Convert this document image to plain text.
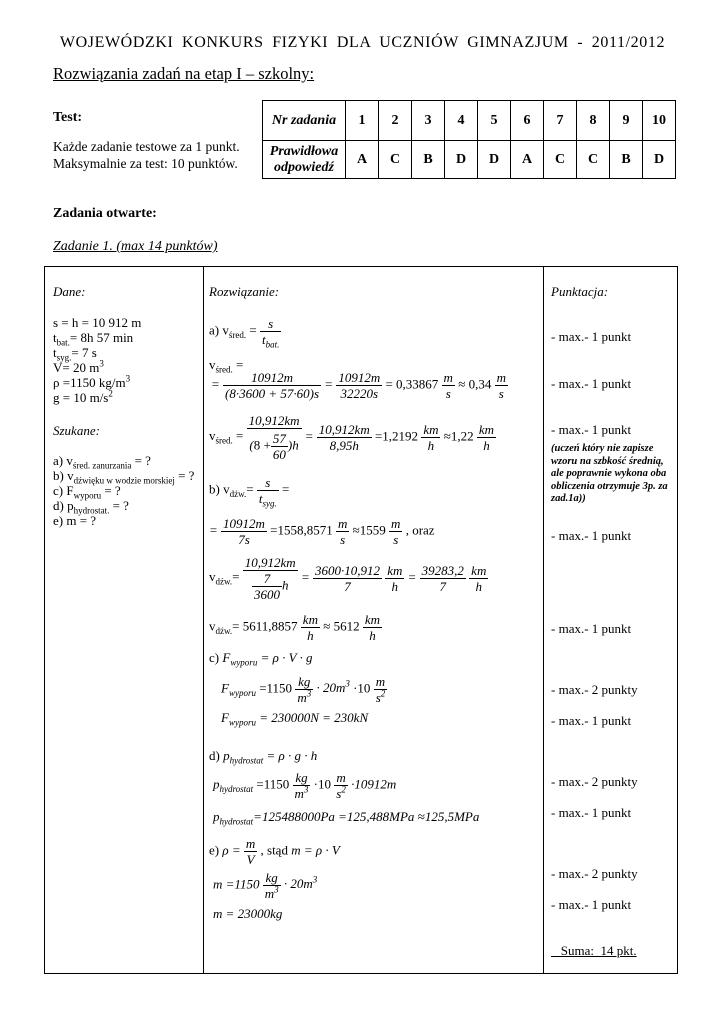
WOJEWÓDZKI KONKURS FIZYKI DLA UCZNIÓW GIMNAZJUM - 2011/2012
Rozwiązania zadań na etap I – szkolny:
Test:
Każde zadanie testowe za 1 punkt.
Maksymalnie za test: 10 punktów.
Nr zadania	1	2	3	4	5	6	7	8	9	10

Prawidłowa
odpowiedź	A	C	B	D	D	A	C	C	B	D
Zadania otwarte:
Zadanie 1. (max 14 punktów)
Dane:
s = h = 10 912 m
$t_{bat.}= 8h$ 57 min
$t_{syg.}= 7$ s
V= 20 $m^3$
ρ =1150 $kg/m^3$
g = 10 $m/s^2$
Szukane:
a) $v_{śred. zanurzania}$ = ?
b) $v_{dźwięku w wodzie morskiej}$ = ?
c) $F_{wyporu}$ = ?
d) $p_{hydrostat.}$ = ?
e) m = ?
Rozwiązanie:
a) $v_{śred.} = \frac{s}{t_{bat.}}$
$v_{śred.}$ =
= $\frac{10912m}{(8\cdot 3600 + 57\cdot 60)s} = \frac{10912m}{32220s} = 0,33867 \frac{m}{s} \approx 0,34 \frac{m}{s}$
$v_{śred.} = \frac{10,912km}{(8 + \frac{57}{60} )h} = \frac{10,912km}{8,95h} =1,2192 \frac{km}{h} \approx 1,22 \frac{km}{h}$
b) $v_{dźw.}= \frac{s}{t_{syg.}}$ =
= $\frac{10912m}{7s} =1558,8571 \frac{m}{s} \approx 1559 \frac{m}{s}$ , oraz
$v_{dźw.}= \frac{10,912km}{\frac{7}{3600} h} = \frac{3600\cdot 10,912}{7}$
$\frac{km}{h} = \frac{39283,2}{7}$
$\frac{km}{h}$
$v_{dźw.}= 5611,8857 \frac{km}{h} \approx 5612 \frac{km}{h}$
c) $F_{wyporu} = \rho \cdot V \cdot g$
$F_{wyporu} =1150 \frac{kg}{m^3} \cdot 20m^3 \cdot 10 \frac{m}{s^2}$
$F_{wyporu} = 230000N = 230kN$
d) $p_{hydrostat} = \rho \cdot g \cdot h$
$p_{hydrostat} =1150 \frac{kg}{m^3} \cdot 10 \frac{m}{s^2} \cdot 10912m$
$p_{hydrostat}=125488000Pa =125,488MPa \approx 125,5MPa$
e) $\rho = \frac{m}{V}$ , stąd m = ρ · V
$m =1150 \frac{kg}{m^3} \cdot 20m^3$
m = 23000kg
Punktacja:
- max.- 1 punkt
- max.- 1 punkt
- max.- 1 punkt
(uczeń który nie zapisze wzoru na szbkość średnią, ale poprawnie wykona oba obliczenia otrzymuje 3p. za zad.1a))
- max.- 1 punkt
- max.- 1 punkt
- max.- 2 punkty
- max.- 1 punkt
- max.- 2 punkty
- max.- 1 punkt
- max.- 2 punkty
- max.- 1 punkt
Suma:  14 pkt.
